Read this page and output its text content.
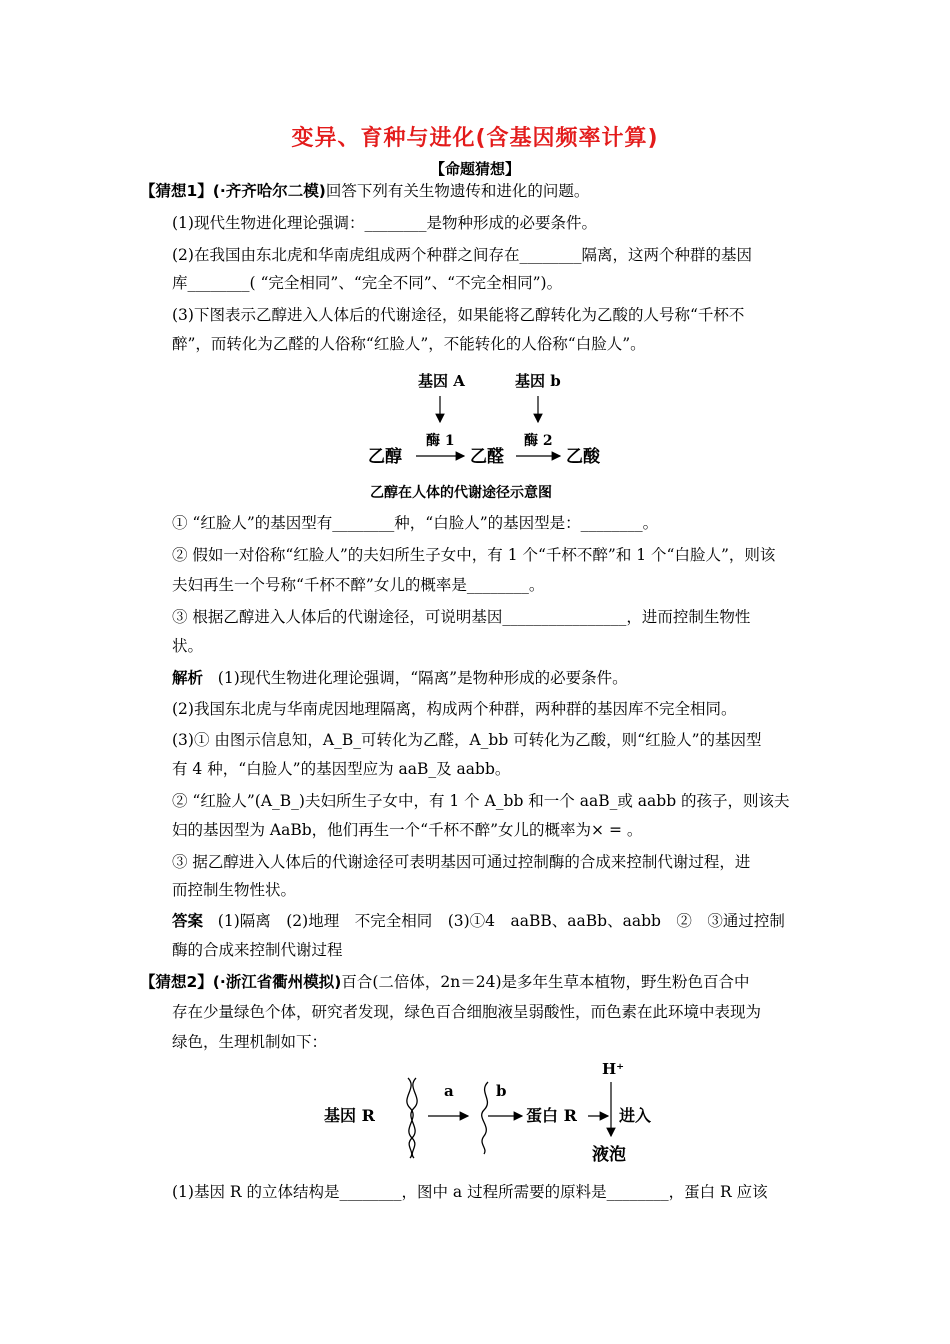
变异、育种与进化(含基因频率计算)
【命题猜想】
【猜想1】(·齐齐哈尔二模)回答下列有关生物遗传和进化的问题。
(1)现代生物进化理论强调：________是物种形成的必要条件。
(2)在我国由东北虎和华南虎组成两个种群之间存在________隔离，这两个种群的基因
库________( “完全相同”、“完全不同”、“不完全相同”)。
(3)下图表示乙醇进入人体后的代谢途径，如果能将乙醇转化为乙酸的人号称“千杯不
醉”，而转化为乙醛的人俗称“红脸人”，不能转化的人俗称“白脸人”。
基因 A	基因 b
酶 1	酶 2
乙醇	乙醛	乙酸
乙醇在人体的代谢途径示意图
① “红脸人”的基因型有________种，“白脸人”的基因型是：________。
② 假如一对俗称“红脸人”的夫妇所生子女中，有 1 个“千杯不醉”和 1 个“白脸人”，则该
夫妇再生一个号称“千杯不醉”女儿的概率是________。
③ 根据乙醇进入人体后的代谢途径，可说明基因________________，进而控制生物性
状。
解析 (1)现代生物进化理论强调，“隔离”是物种形成的必要条件。
(2)我国东北虎与华南虎因地理隔离，构成两个种群，两种群的基因库不完全相同。
(3)① 由图示信息知，A_B_可转化为乙醛，A_bb 可转化为乙酸，则“红脸人”的基因型
有 4 种，“白脸人”的基因型应为 aaB_及 aabb。
② “红脸人”(A_B_)夫妇所生子女中，有 1 个 A_bb 和一个 aaB_或 aabb 的孩子，则该夫
妇的基因型为 AaBb，他们再生一个“千杯不醉”女儿的概率为× = 。
③ 据乙醇进入人体后的代谢途径可表明基因可通过控制酶的合成来控制代谢过程，进
而控制生物性状。
答案 (1)隔离　(2)地理　不完全相同　(3)①4　aaBB、aaBb、aabb　②　③通过控制
酶的合成来控制代谢过程
【猜想2】(·浙江省衢州模拟)百合(二倍体，2n＝24)是多年生草本植物，野生粉色百合中
存在少量绿色个体，研究者发现，绿色百合细胞液呈弱酸性，而色素在此环境中表现为
绿色，生理机制如下：
基因 R
a	b
蛋白 R
H⁺
进入
液泡
(1)基因 R 的立体结构是________，图中 a 过程所需要的原料是________，蛋白 R 应该
